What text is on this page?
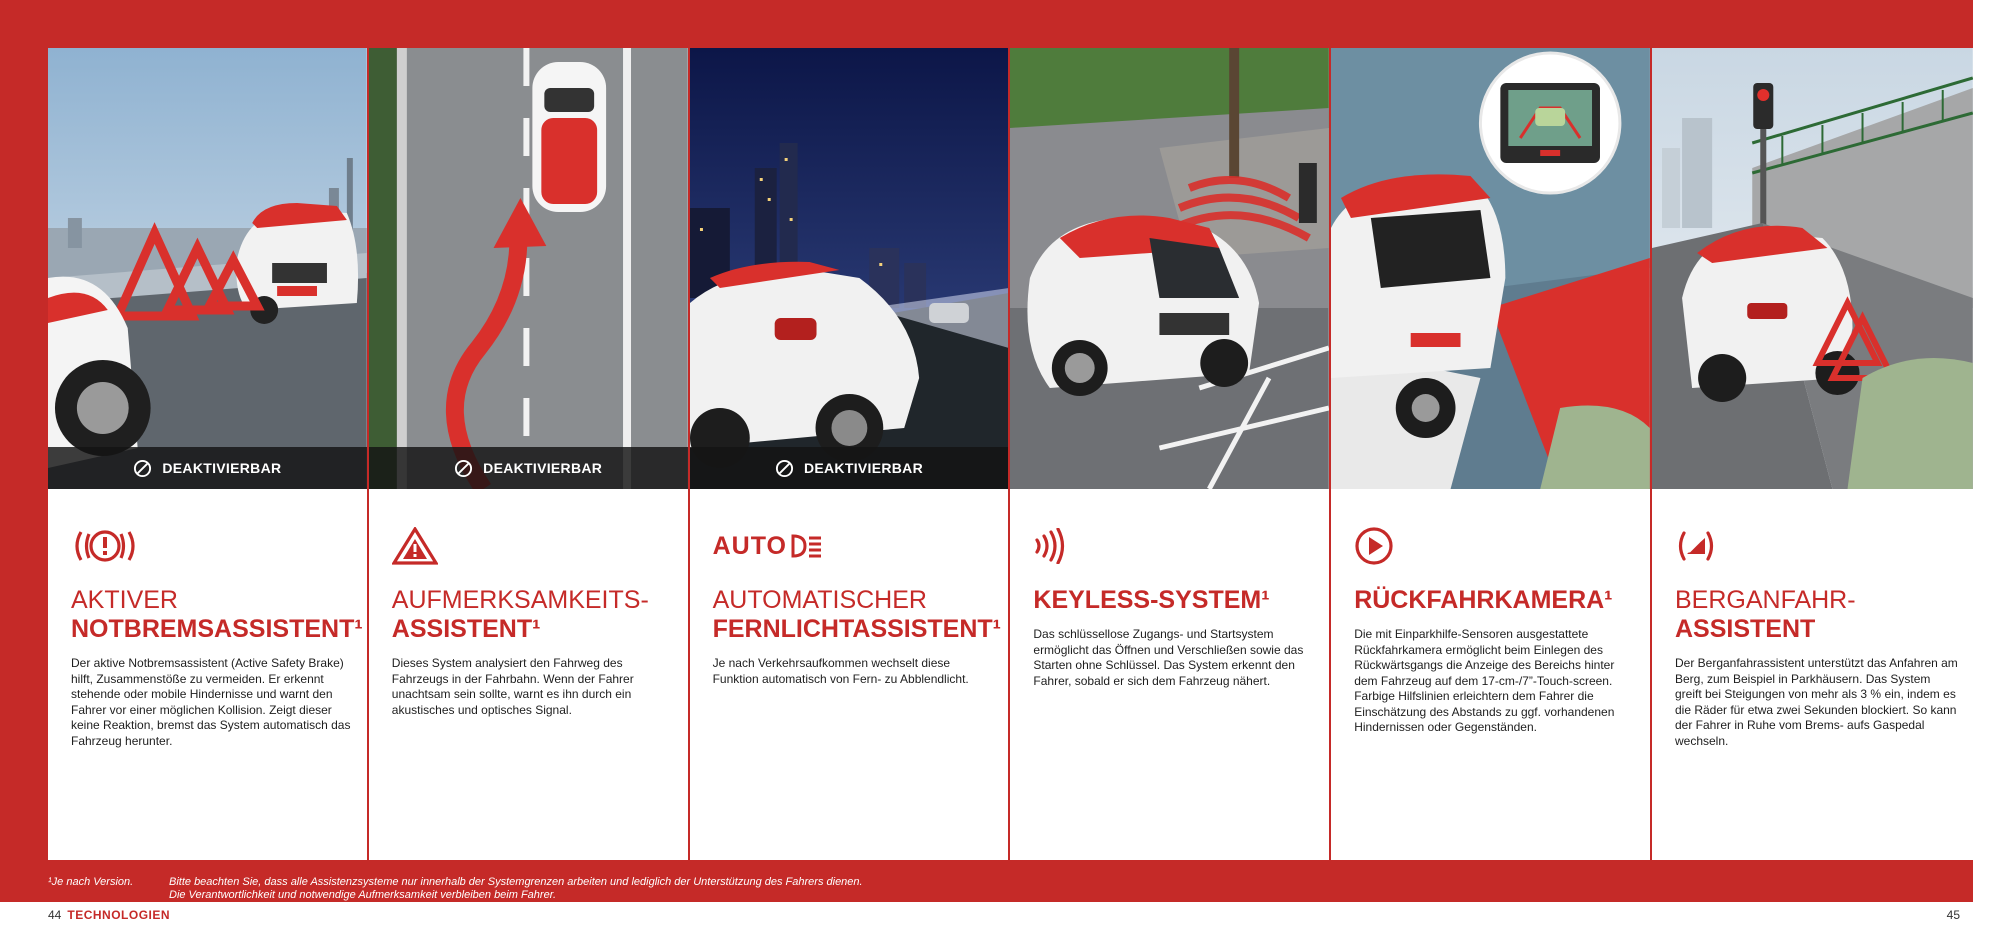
DEAKTIVIERBAR
AKTIVER
NOTBREMSASSISTENT¹

Der aktive Notbremsassistent (Active Safety Brake) hilft, Zusammenstöße zu vermeiden. Er erkennt stehende oder mobile Hindernisse und warnt den Fahrer vor einer möglichen Kollision. Zeigt dieser keine Reaktion, bremst das System automatisch das Fahrzeug herunter.

DEAKTIVIERBAR
AUFMERKSAMKEITS-
ASSISTENT¹

Dieses System analysiert den Fahrweg des Fahrzeugs in der Fahrbahn. Wenn der Fahrer unachtsam sein sollte, warnt es ihn durch ein akustisches und optisches Signal.

DEAKTIVIERBAR
AUTO
AUTOMATISCHER
FERNLICHTASSISTENT¹

Je nach Verkehrsaufkommen wechselt diese Funktion automatisch von Fern- zu Abblendlicht.

KEYLESS-SYSTEM¹

Das schlüssellose Zugangs- und Startsystem ermöglicht das Öffnen und Verschließen sowie das Starten ohne Schlüssel. Das System erkennt den Fahrer, sobald er sich dem Fahrzeug nähert.

RÜCKFAHRKAMERA¹

Die mit Einparkhilfe-Sensoren ausgestattete Rückfahrkamera ermöglicht beim Einlegen des Rückwärtsgangs die Anzeige des Bereichs hinter dem Fahrzeug auf dem 17-cm-/7”-Touch-screen. Farbige Hilfslinien erleichtern dem Fahrer die Einschätzung des Abstands zu ggf. vorhandenen Hindernissen oder Gegenständen.

BERGANFAHR-
ASSISTENT

Der Berganfahrassistent unterstützt das Anfahren am Berg, zum Beispiel in Parkhäusern. Das System greift bei Steigungen von mehr als 3 % ein, indem es die Räder für etwa zwei Sekunden blockiert. So kann der Fahrer in Ruhe vom Brems- aufs Gaspedal wechseln.

¹Je nach Version.	Bitte beachten Sie, dass alle Assistenzsysteme nur innerhalb der Systemgrenzen arbeiten und lediglich der Unterstützung des Fahrers dienen.
Die Verantwortlichkeit und notwendige Aufmerksamkeit verbleiben beim Fahrer.
44 TECHNOLOGIEN	45
